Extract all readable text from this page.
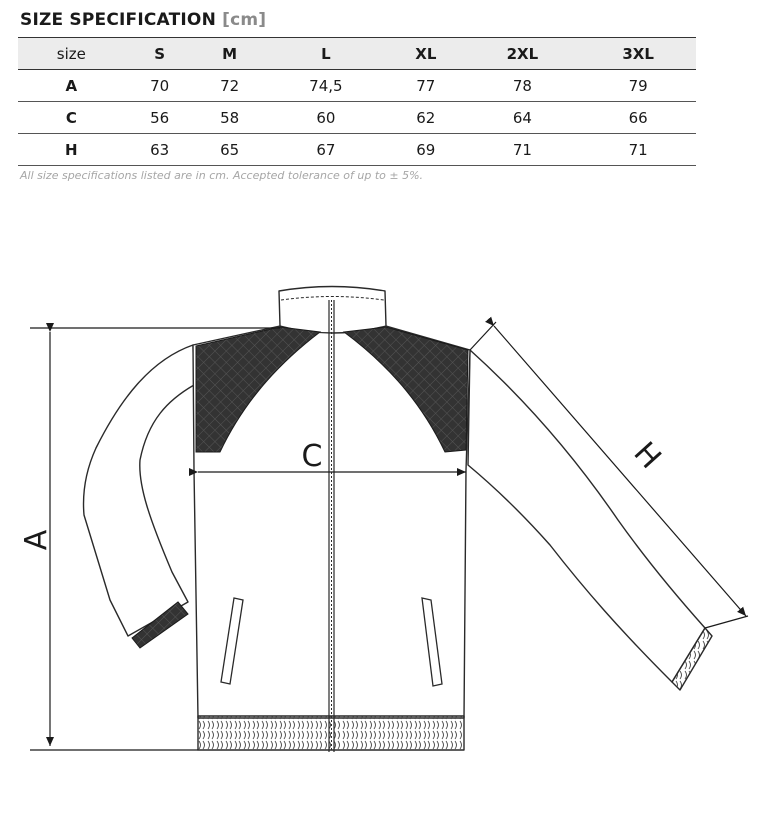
SIZE SPECIFICATION [cm]
size	S	M	L	XL	2XL	3XL
A	70	72	74,5	77	78	79
C	56	58	60	62	64	66
H	63	65	67	69	71	71
All size specifications listed are in cm. Accepted tolerance of up to ± 5%.
A
C	H
